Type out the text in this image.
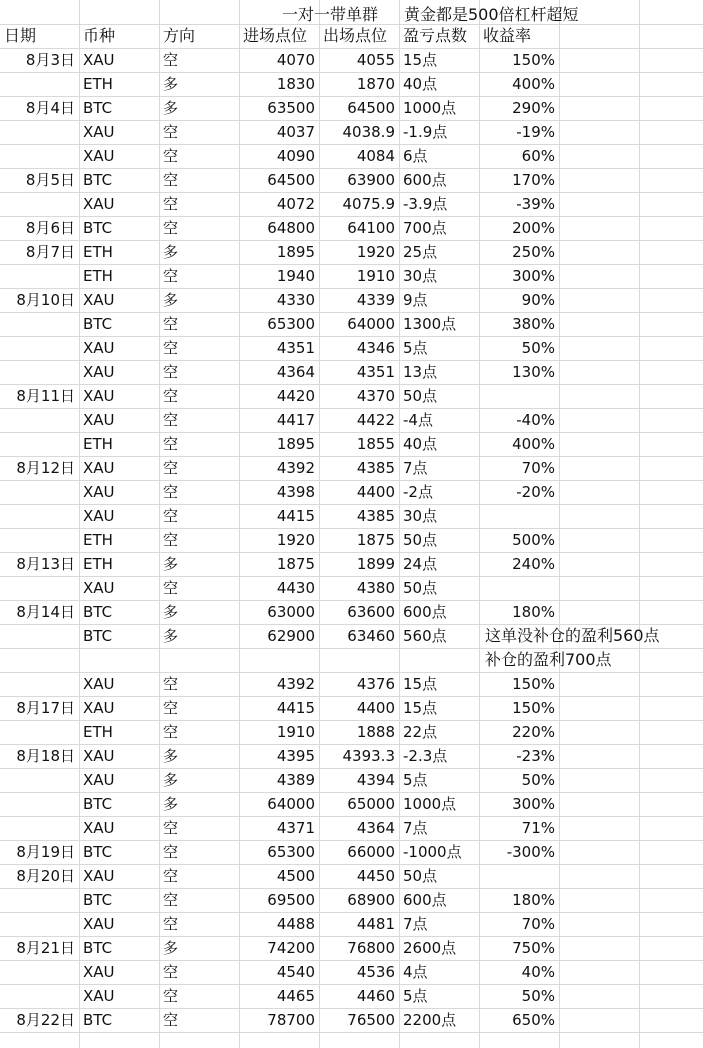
一对一带单群 黄金都是500倍杠杆超短
日期	币种	方向	进场点位 出场点位 盈亏点数 收益率
8月3日 XAU	空	4070	4055 15点	150%
ETH	多	1830	1870 40点	400%
8月4日 BTC	多	63500	64500 1000点	290%
XAU	空	4037	4038.9 -1.9点	-19%
XAU	空	4090	4084 6点	60%
8月5日 BTC	空	64500	63900 600点	170%
XAU	空	4072	4075.9 -3.9点	-39%
8月6日 BTC	空	64800	64100 700点	200%
8月7日 ETH	多	1895	1920 25点	250%
ETH	空	1940	1910 30点	300%
8月10日 XAU	多	4330	4339 9点	90%
BTC	空	65300	64000 1300点	380%
XAU	空	4351	4346 5点	50%
XAU	空	4364	4351 13点	130%
8月11日 XAU	空	4420	4370 50点
XAU	空	4417	4422 -4点	-40%
ETH	空	1895	1855 40点	400%
8月12日 XAU	空	4392	4385 7点	70%
XAU	空	4398	4400 -2点	-20%
XAU	空	4415	4385 30点
ETH	空	1920	1875 50点	500%
8月13日 ETH	多	1875	1899 24点	240%
XAU	空	4430	4380 50点
8月14日 BTC	多	63000	63600 600点	180%
BTC	多	62900	63460 560点	这单没补仓的盈利560点
补仓的盈利700点
XAU	空	4392	4376 15点	150%
8月17日 XAU	空	4415	4400 15点	150%
ETH	空	1910	1888 22点	220%
8月18日 XAU	多	4395	4393.3 -2.3点	-23%
XAU	多	4389	4394 5点	50%
BTC	多	64000	65000 1000点	300%
XAU	空	4371	4364 7点	71%
8月19日 BTC	空	65300	66000 -1000点	-300%
8月20日 XAU	空	4500	4450 50点
BTC	空	69500	68900 600点	180%
XAU	空	4488	4481 7点	70%
8月21日 BTC	多	74200	76800 2600点	750%
XAU	空	4540	4536 4点	40%
XAU	空	4465	4460 5点	50%
8月22日 BTC	空	78700	76500 2200点	650%
